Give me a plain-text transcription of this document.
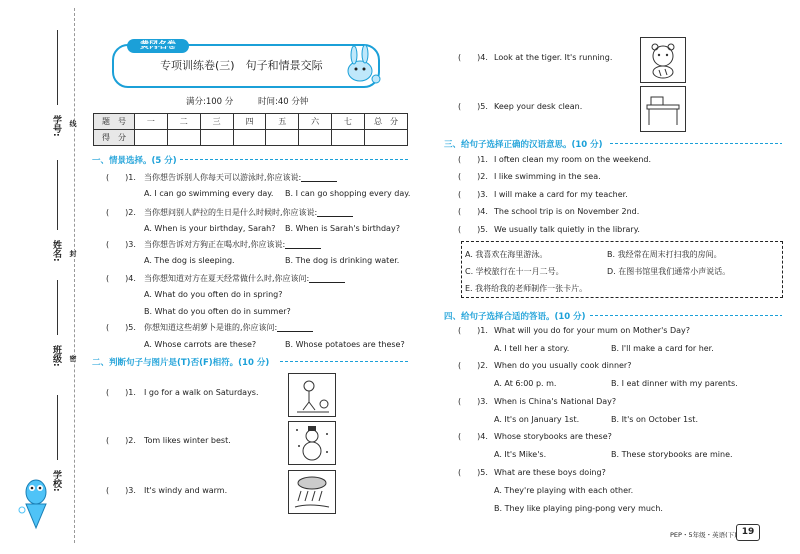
学号:
姓名:
班级:
学校:
线
封
密
黄冈名卷
专项训练卷(三)　句子和情景交际
满分:100 分	时间:40 分钟
题　号	一	二	三	四	五	六	七	总　分
得　分								
一、情景选择。(5 分)
(　　)1. 当你想告诉别人你每天可以游泳时,你应该说:
A. I can go swimming every day. B. I can go shopping every day.
(　　)2. 当你想问别人萨拉的生日是什么时候时,你应该说:
A. When is your birthday, Sarah? B. When is Sarah's birthday?
(　　)3. 当你想告诉对方狗正在喝水时,你应该说:
A. The dog is sleeping.	B. The dog is drinking water.
(　　)4. 当你想知道对方在夏天经常做什么时,你应该问:
A. What do you often do in spring?
B. What do you often do in summer?
(　　)5. 你想知道这些胡萝卜是谁的,你应该问:
A. Whose carrots are these?	B. Whose potatoes are these?
二、判断句子与图片是(T)否(F)相符。(10 分)
(　　)1. I go for a walk on Saturdays.
(　　)2. Tom likes winter best.
(　　)3. It's windy and warm.
(　　)4. Look at the tiger. It's running.
(　　)5. Keep your desk clean.
三、给句子选择正确的汉语意思。(10 分)
(　　)1. I often clean my room on the weekend.
(　　)2. I like swimming in the sea.
(　　)3. I will make a card for my teacher.
(　　)4. The school trip is on November 2nd.
(　　)5. We usually talk quietly in the library.
A. 我喜欢在海里游泳。	B. 我经常在周末打扫我的房间。
C. 学校旅行在十一月二号。	D. 在图书馆里我们通常小声说话。
E. 我将给我的老师制作一张卡片。
四、给句子选择合适的答语。(10 分)
(　　)1. What will you do for your mum on Mother's Day?
A. I tell her a story.	B. I'll make a card for her.
(　　)2. When do you usually cook dinner?
A. At 6:00 p. m.	B. I eat dinner with my parents.
(　　)3. When is China's National Day?
A. It's on January 1st.	B. It's on October 1st.
(　　)4. Whose storybooks are these?
A. It's Mike's.	B. These storybooks are mine.
(　　)5. What are these boys doing?
A. They're playing with each other.
B. They like playing ping-pong very much.
PEP・5年级・英语(下) 19
